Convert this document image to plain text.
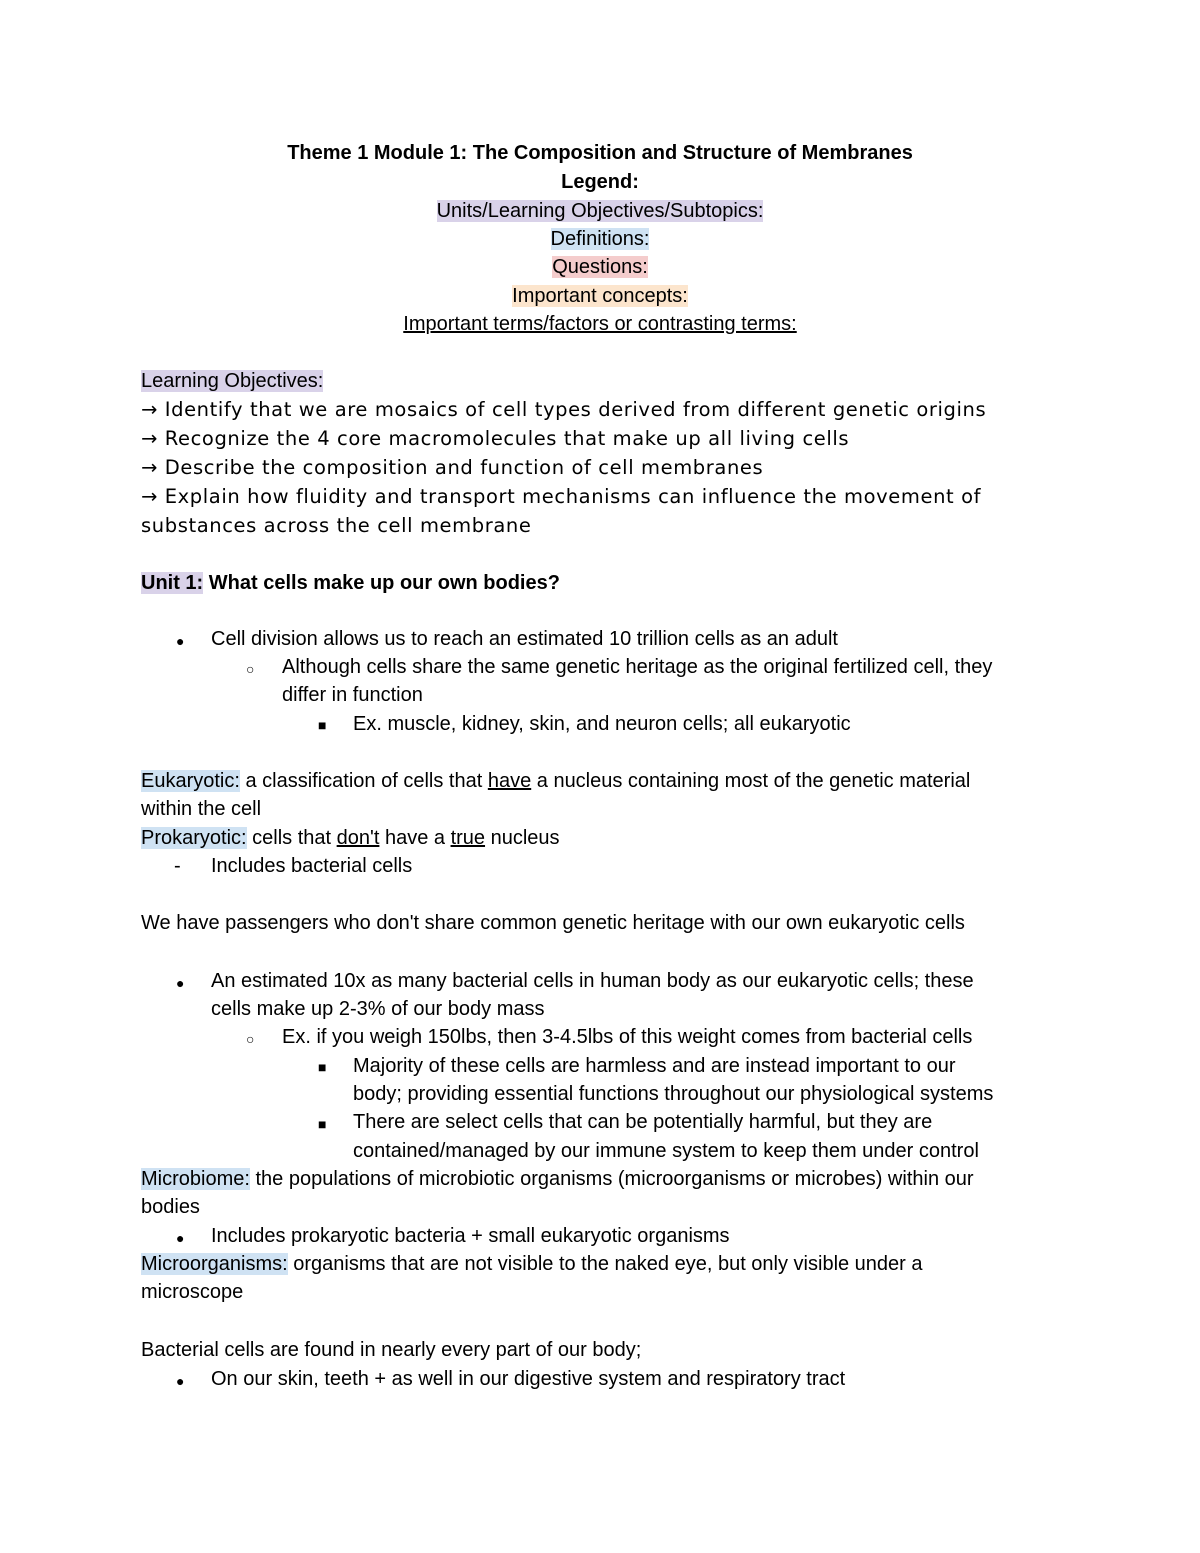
Theme 1 Module 1: The Composition and Structure of Membranes
Legend:
Units/Learning Objectives/Subtopics:
Definitions:
Questions:
Important concepts:
Important terms/factors or contrasting terms:
Learning Objectives:
→ Identify that we are mosaics of cell types derived from different genetic origins
→ Recognize the 4 core macromolecules that make up all living cells
→ Describe the composition and function of cell membranes
→ Explain how fluidity and transport mechanisms can influence the movement of
substances across the cell membrane
Unit 1: What cells make up our own bodies?
● Cell division allows us to reach an estimated 10 trillion cells as an adult
○ Although cells share the same genetic heritage as the original fertilized cell, they
differ in function
■ Ex. muscle, kidney, skin, and neuron cells; all eukaryotic
Eukaryotic: a classification of cells that have a nucleus containing most of the genetic material
within the cell
Prokaryotic: cells that don't have a true nucleus
- Includes bacterial cells
We have passengers who don't share common genetic heritage with our own eukaryotic cells
● An estimated 10x as many bacterial cells in human body as our eukaryotic cells; these
cells make up 2-3% of our body mass
○ Ex. if you weigh 150lbs, then 3-4.5lbs of this weight comes from bacterial cells
■ Majority of these cells are harmless and are instead important to our
body; providing essential functions throughout our physiological systems
■ There are select cells that can be potentially harmful, but they are
contained/managed by our immune system to keep them under control
Microbiome: the populations of microbiotic organisms (microorganisms or microbes) within our
bodies
● Includes prokaryotic bacteria + small eukaryotic organisms
Microorganisms: organisms that are not visible to the naked eye, but only visible under a
microscope
Bacterial cells are found in nearly every part of our body;
● On our skin, teeth + as well in our digestive system and respiratory tract
